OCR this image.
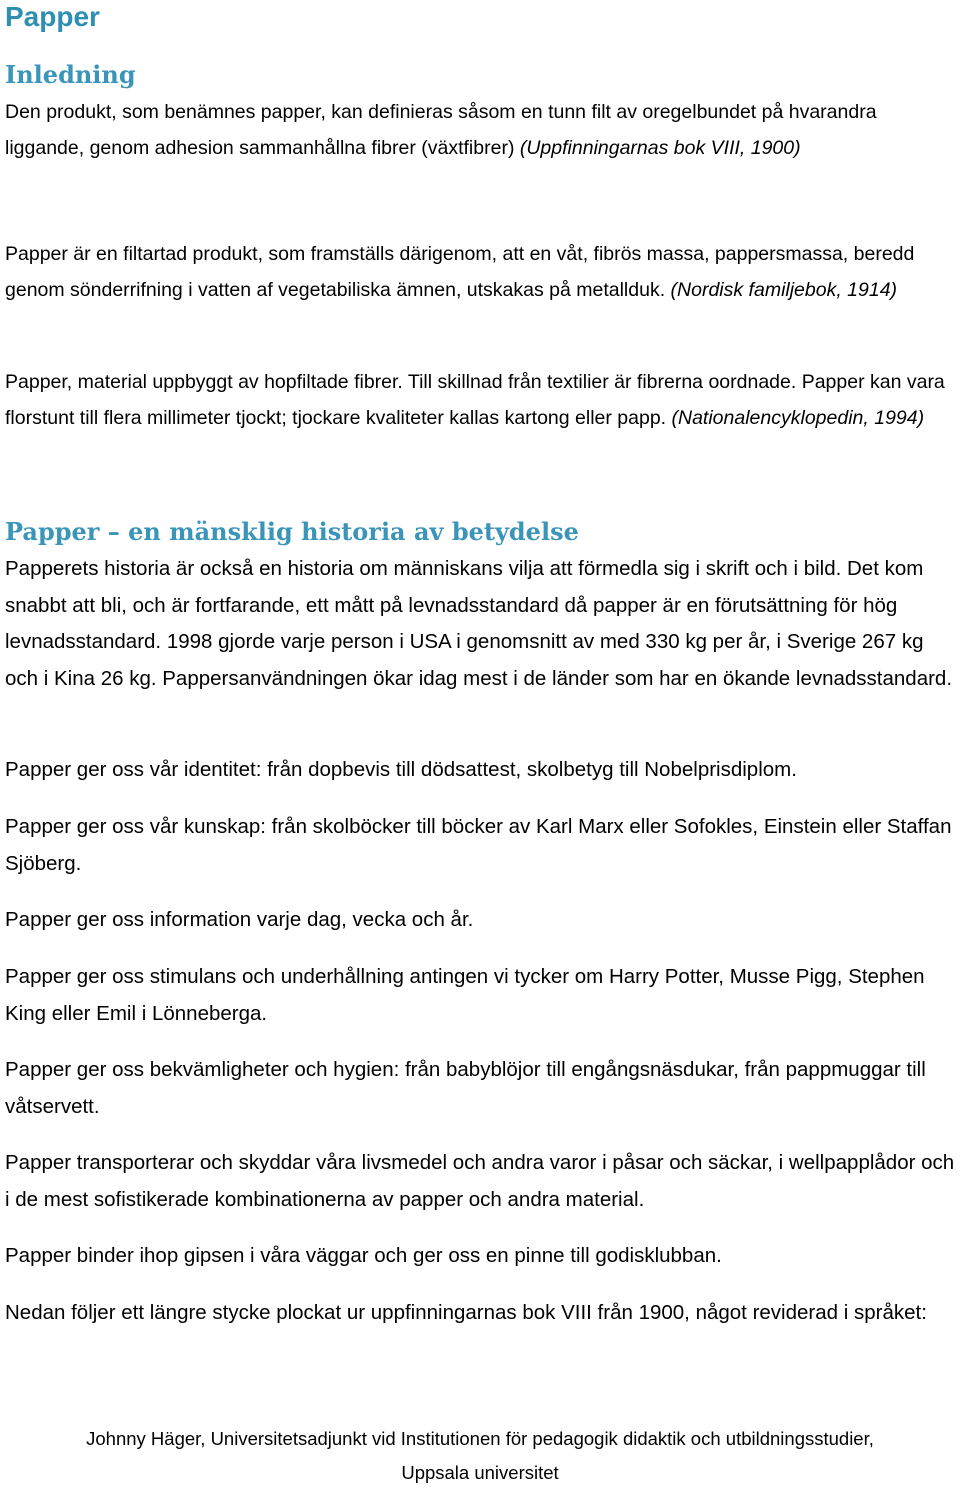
Papper
Inledning

Den produkt, som benämnes papper, kan definieras såsom en tunn filt av oregelbundet på hvarandra liggande, genom adhesion sammanhållna fibrer (växtfibrer) (Uppfinningarnas bok VIII, 1900)

Papper är en filtartad produkt, som framställs därigenom, att en våt, fibrös massa, pappersmassa, beredd genom sönderrifning i vatten af vegetabiliska ämnen, utskakas på metallduk. (Nordisk familjebok, 1914)

Papper, material uppbyggt av hopfiltade fibrer. Till skillnad från textilier är fibrerna oordnade. Papper kan vara florstunt till flera millimeter tjockt; tjockare kvaliteter kallas kartong eller papp. (Nationalencyklopedin, 1994)

Papper – en mänsklig historia av betydelse

Papperets historia är också en historia om människans vilja att förmedla sig i skrift och i bild. Det kom snabbt att bli, och är fortfarande, ett mått på levnadsstandard då papper är en förutsättning för hög levnadsstandard. 1998 gjorde varje person i USA i genomsnitt av med 330 kg per år, i Sverige 267 kg och i Kina 26 kg. Pappersanvändningen ökar idag mest i de länder som har en ökande levnadsstandard.

Papper ger oss vår identitet: från dopbevis till dödsattest, skolbetyg till Nobelprisdiplom.

Papper ger oss vår kunskap: från skolböcker till böcker av Karl Marx eller Sofokles, Einstein eller Staffan Sjöberg.

Papper ger oss information varje dag, vecka och år.

Papper ger oss stimulans och underhållning antingen vi tycker om Harry Potter, Musse Pigg, Stephen King eller Emil i Lönneberga.

Papper ger oss bekvämligheter och hygien: från babyblöjor till engångsnäsdukar, från pappmuggar till våtservett.

Papper transporterar och skyddar våra livsmedel och andra varor i påsar och säckar, i wellpapplådor och i de mest sofistikerade kombinationerna av papper och andra material.

Papper binder ihop gipsen i våra väggar och ger oss en pinne till godisklubban.

Nedan följer ett längre stycke plockat ur uppfinningarnas bok VIII från 1900, något reviderad i språket:

Johnny Häger, Universitetsadjunkt vid Institutionen för pedagogik didaktik och utbildningsstudier,
Uppsala universitet
